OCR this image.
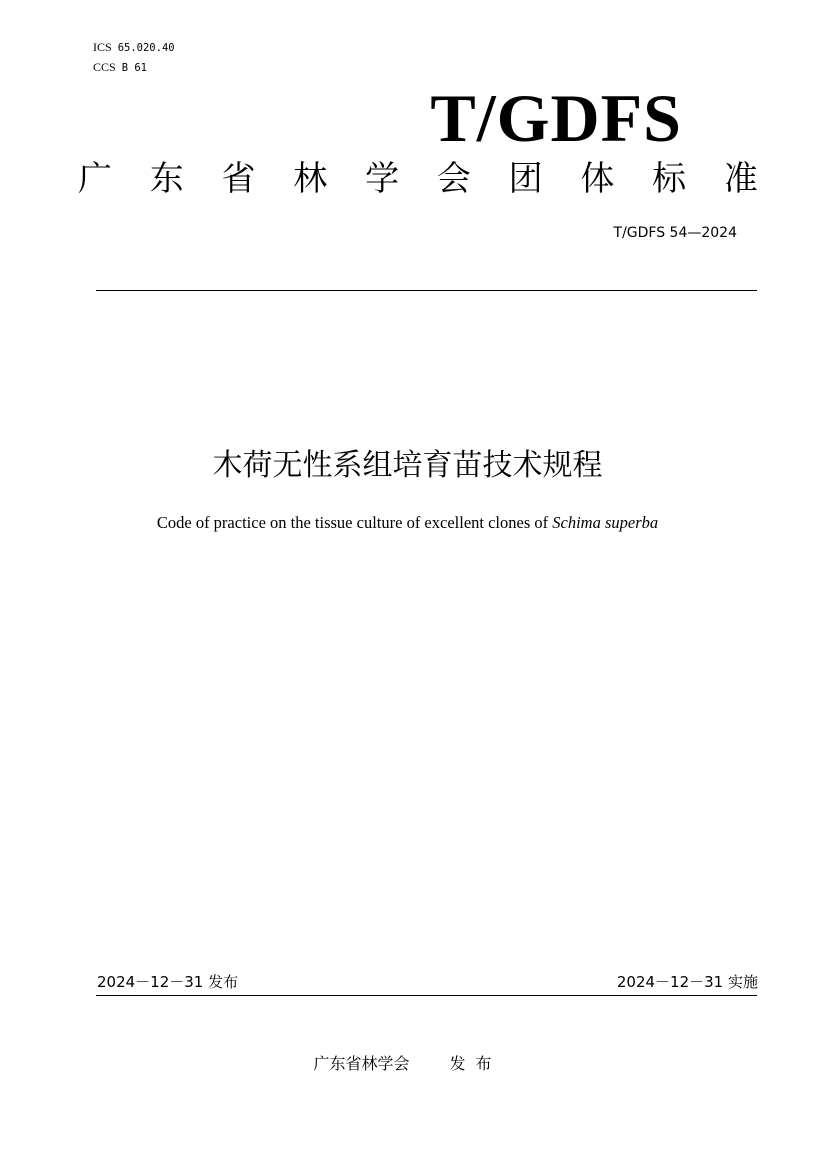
ICS 65.020.40
CCS B 61
T/GDFS
广 东 省 林 学 会 团 体 标 准
T/GDFS 54—2024
木荷无性系组培育苗技术规程
Code of practice on the tissue culture of excellent clones of Schima superba
2024－12－31 发布	2024－12－31 实施
广东省林学会	发布
